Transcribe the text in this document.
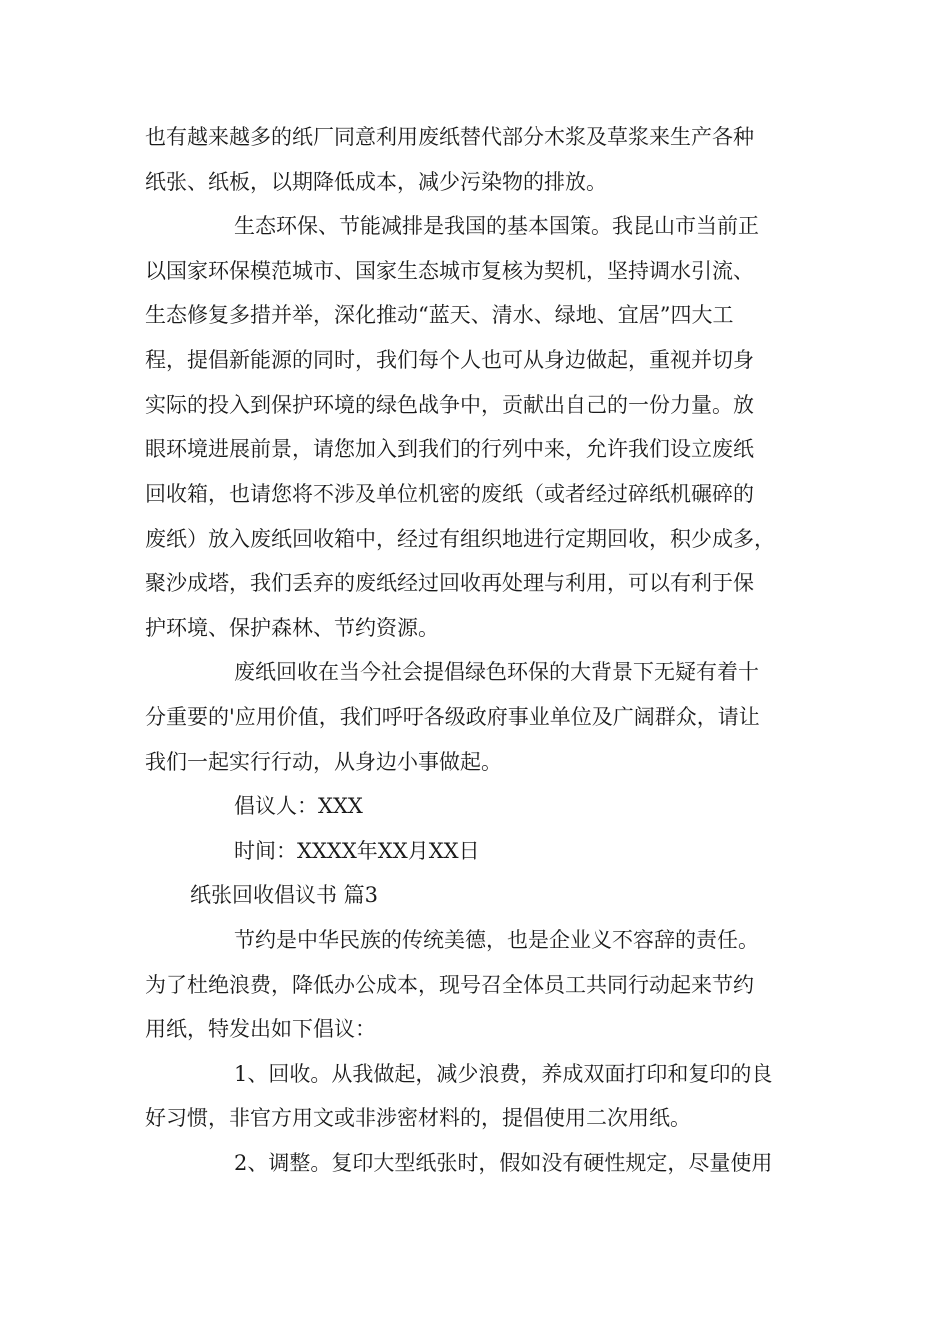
也有越来越多的纸厂同意利用废纸替代部分木浆及草浆来生产各种
纸张、纸板，以期降低成本，减少污染物的排放。
生态环保、节能减排是我国的基本国策。我昆山市当前正
以国家环保模范城市、国家生态城市复核为契机，坚持调水引流、
生态修复多措并举，深化推动“蓝天、清水、绿地、宜居”四大工
程，提倡新能源的同时，我们每个人也可从身边做起，重视并切身
实际的投入到保护环境的绿色战争中，贡献出自己的一份力量。放
眼环境进展前景，请您加入到我们的行列中来，允许我们设立废纸
回收箱，也请您将不涉及单位机密的废纸（或者经过碎纸机碾碎的
废纸）放入废纸回收箱中，经过有组织地进行定期回收，积少成多，
聚沙成塔，我们丢弃的废纸经过回收再处理与利用，可以有利于保
护环境、保护森林、节约资源。
废纸回收在当今社会提倡绿色环保的大背景下无疑有着十
分重要的'应用价值，我们呼吁各级政府事业单位及广阔群众，请让
我们一起实行行动，从身边小事做起。
倡议人：XXX
时间：XXXX年XX月XX日
纸张回收倡议书 篇3
节约是中华民族的传统美德，也是企业义不容辞的责任。
为了杜绝浪费，降低办公成本，现号召全体员工共同行动起来节约
用纸，特发出如下倡议：
1、回收。从我做起，减少浪费，养成双面打印和复印的良
好习惯，非官方用文或非涉密材料的，提倡使用二次用纸。
2、调整。复印大型纸张时，假如没有硬性规定，尽量使用
